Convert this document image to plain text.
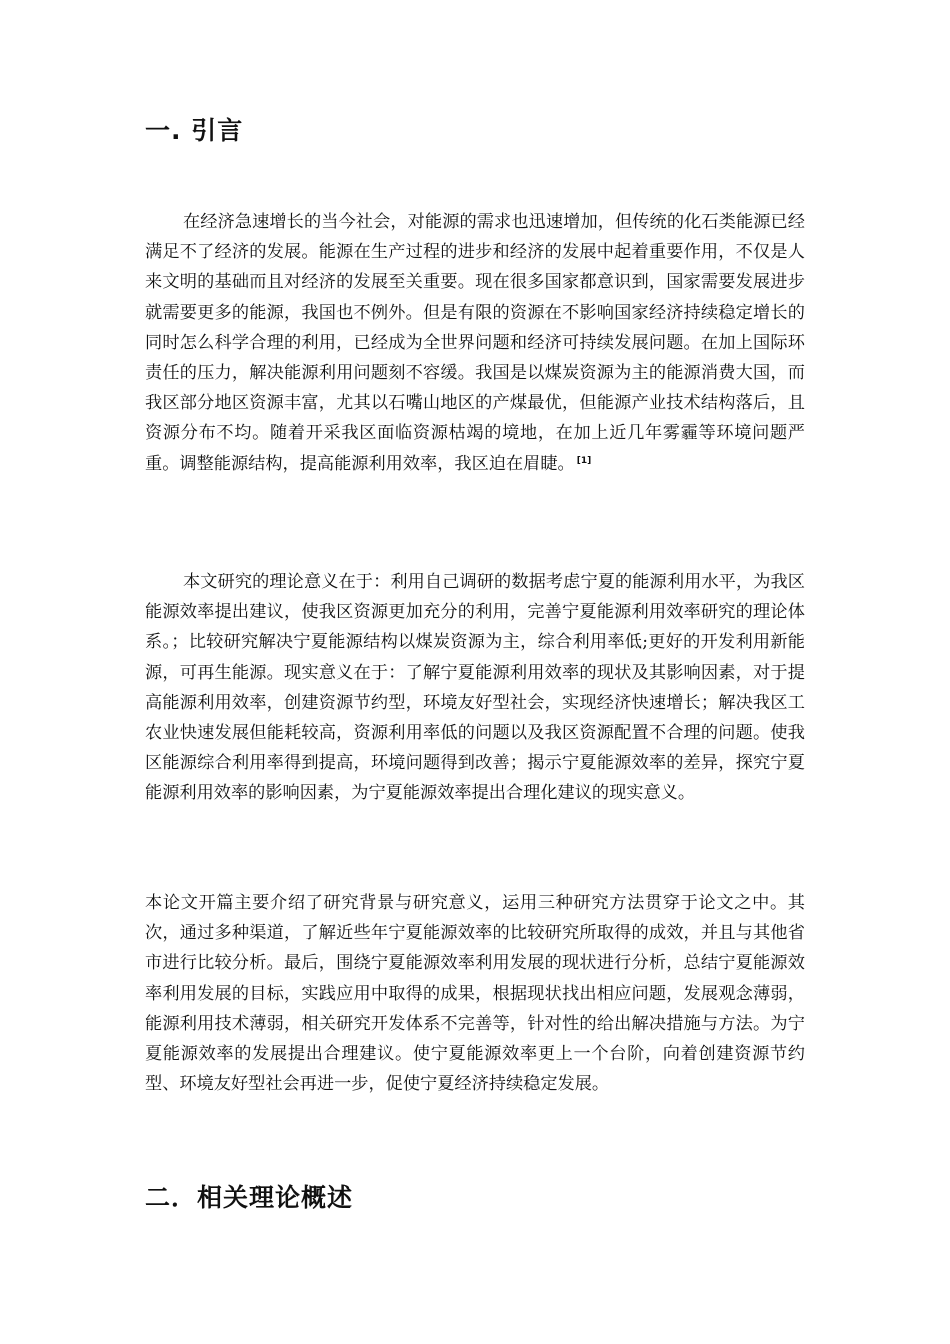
一. 引言

在经济急速增长的当今社会，对能源的需求也迅速增加，但传统的化石类能源已经满足不了经济的发展。能源在生产过程的进步和经济的发展中起着重要作用，不仅是人来文明的基础而且对经济的发展至关重要。现在很多国家都意识到，国家需要发展进步就需要更多的能源，我国也不例外。但是有限的资源在不影响国家经济持续稳定增长的同时怎么科学合理的利用，已经成为全世界问题和经济可持续发展问题。在加上国际环责任的压力，解决能源利用问题刻不容缓。我国是以煤炭资源为主的能源消费大国，而我区部分地区资源丰富，尤其以石嘴山地区的产煤最优，但能源产业技术结构落后，且资源分布不均。随着开采我区面临资源枯竭的境地，在加上近几年雾霾等环境问题严重。调整能源结构，提高能源利用效率，我区迫在眉睫。 [1]

本文研究的理论意义在于：利用自己调研的数据考虑宁夏的能源利用水平，为我区能源效率提出建议，使我区资源更加充分的利用，完善宁夏能源利用效率研究的理论体系。；比较研究解决宁夏能源结构以煤炭资源为主，综合利用率低;更好的开发利用新能源，可再生能源。现实意义在于：了解宁夏能源利用效率的现状及其影响因素，对于提高能源利用效率，创建资源节约型，环境友好型社会，实现经济快速增长；解决我区工农业快速发展但能耗较高，资源利用率低的问题以及我区资源配置不合理的问题。使我区能源综合利用率得到提高，环境问题得到改善；揭示宁夏能源效率的差异，探究宁夏能源利用效率的影响因素，为宁夏能源效率提出合理化建议的现实意义。

本论文开篇主要介绍了研究背景与研究意义，运用三种研究方法贯穿于论文之中。其次，通过多种渠道，了解近些年宁夏能源效率的比较研究所取得的成效，并且与其他省市进行比较分析。最后，围绕宁夏能源效率利用发展的现状进行分析，总结宁夏能源效率利用发展的目标，实践应用中取得的成果，根据现状找出相应问题，发展观念薄弱，能源利用技术薄弱，相关研究开发体系不完善等，针对性的给出解决措施与方法。为宁夏能源效率的发展提出合理建议。使宁夏能源效率更上一个台阶，向着创建资源节约型、环境友好型社会再进一步，促使宁夏经济持续稳定发展。

二．相关理论概述
